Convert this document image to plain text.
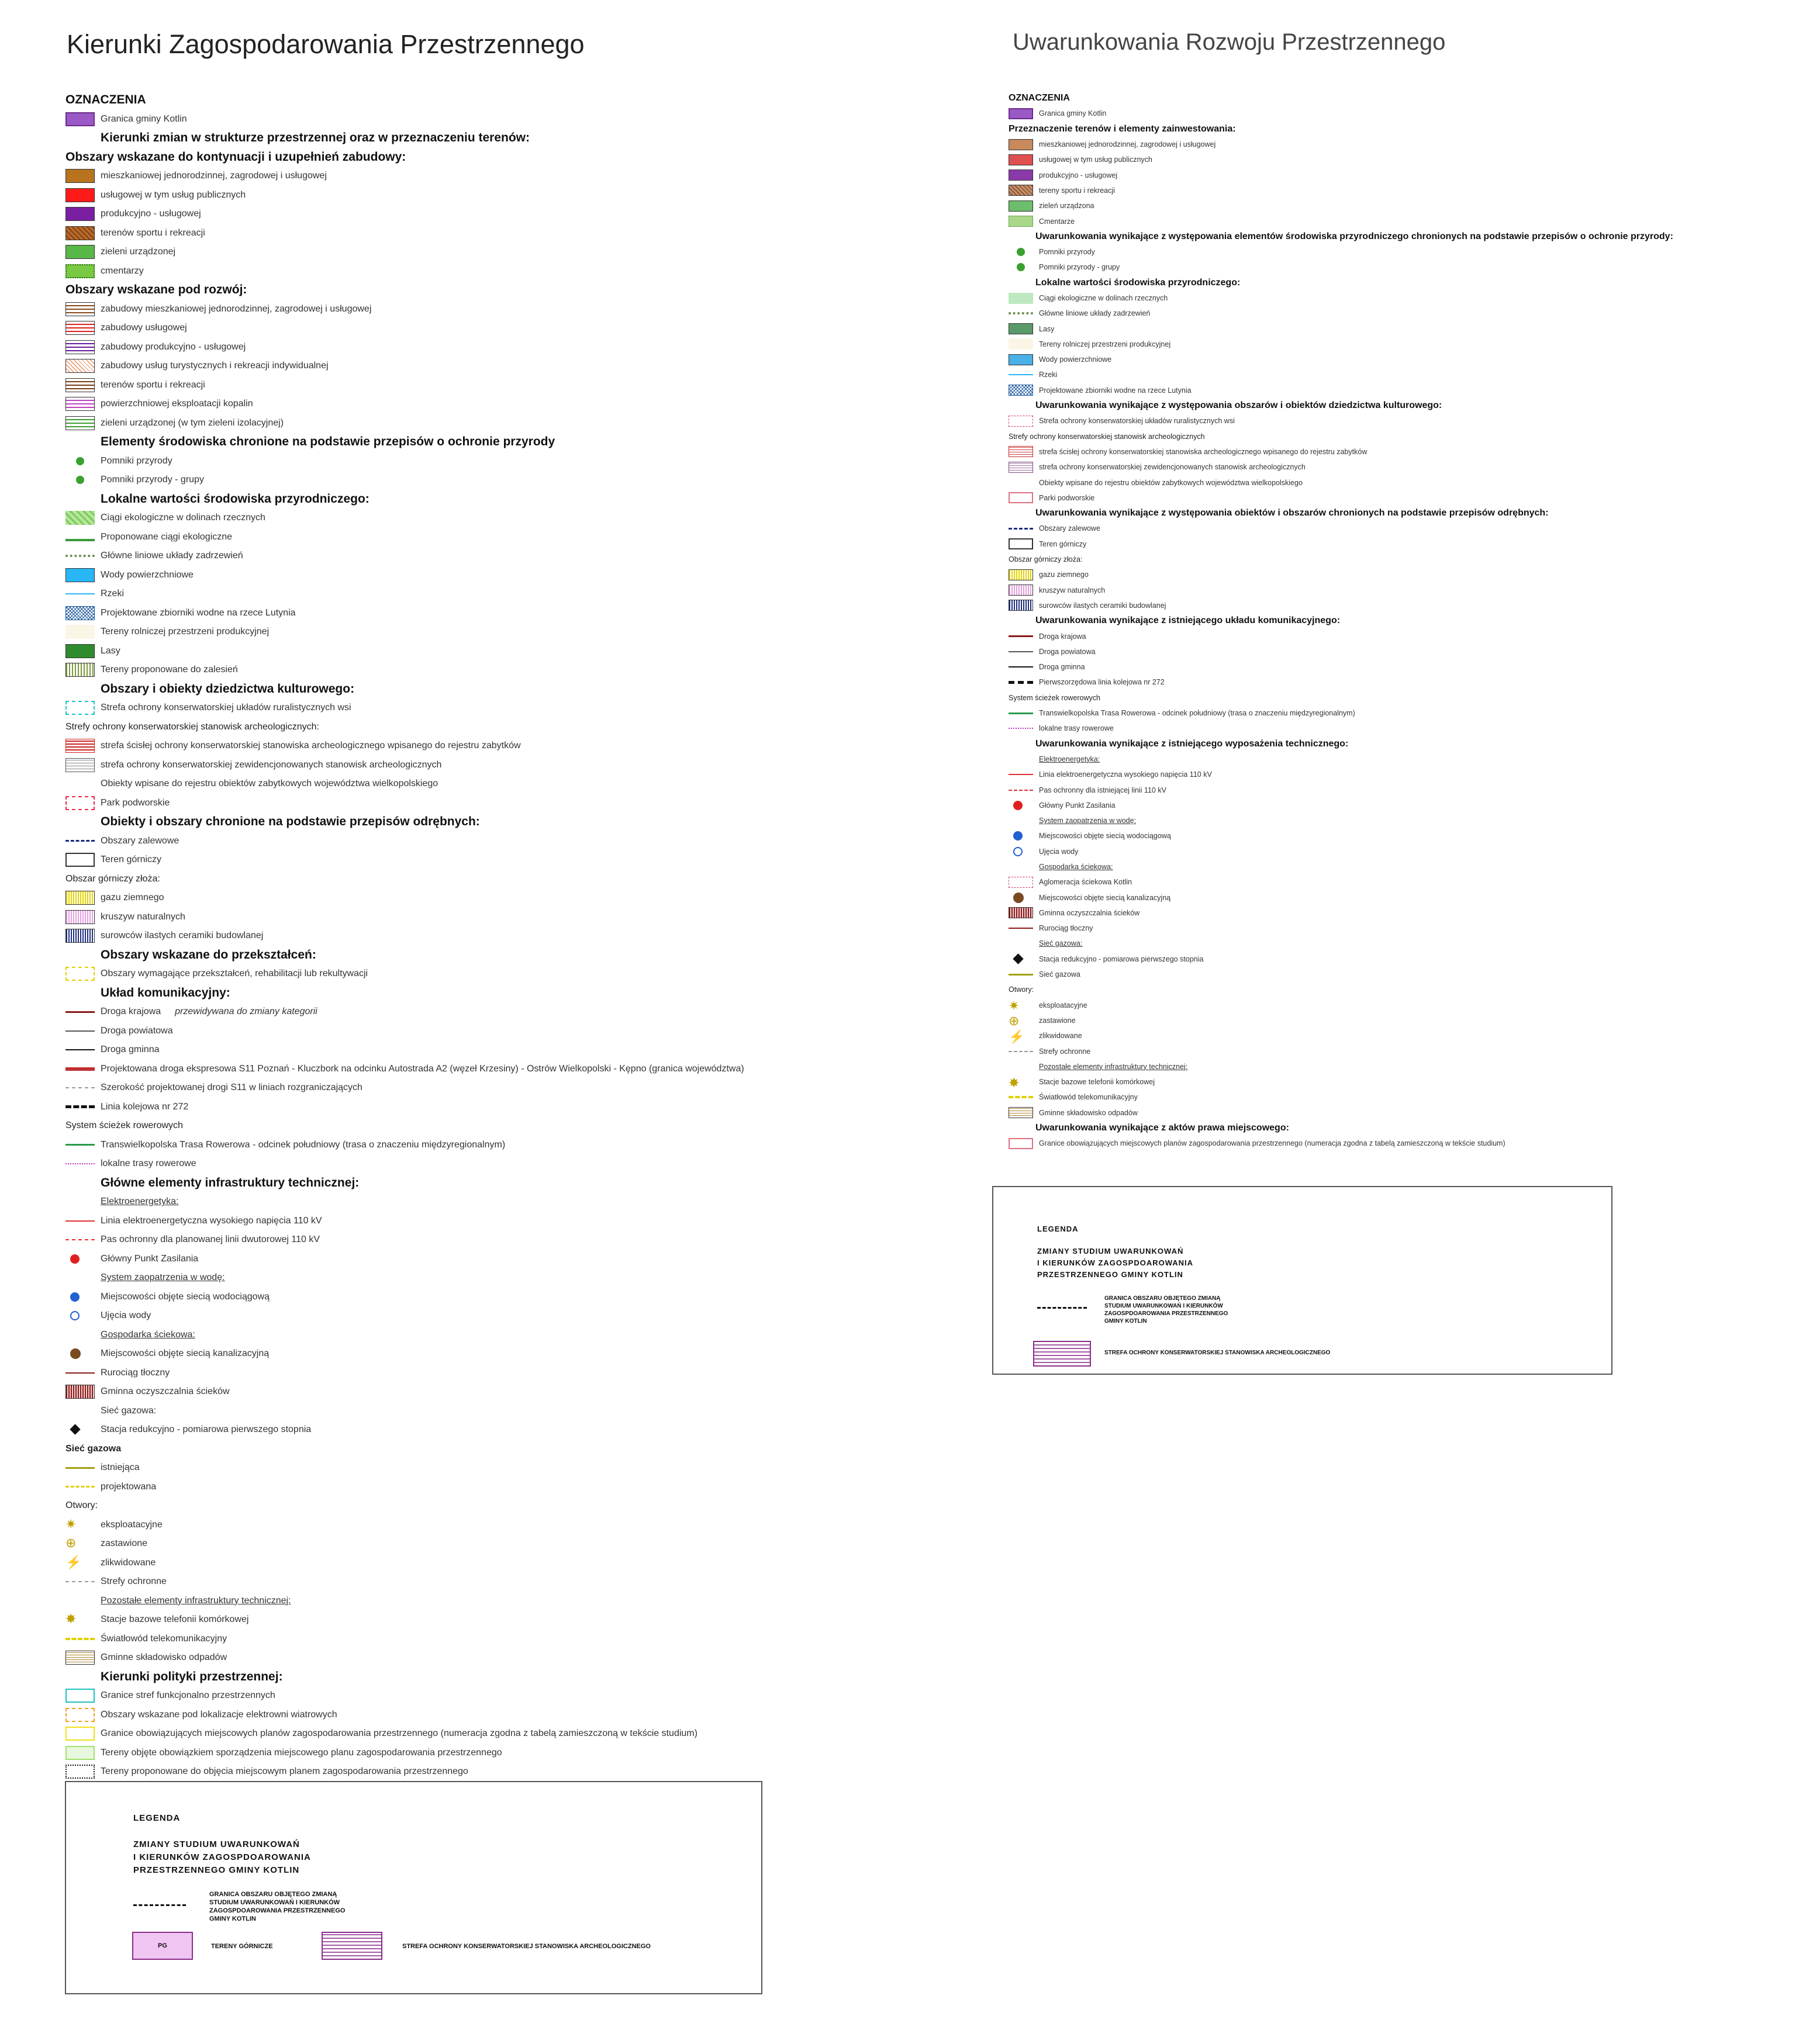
Kierunki Zagospodarowania Przestrzennego
OZNACZENIA
Granica gminy Kotlin
Kierunki zmian w strukturze przestrzennej oraz w przeznaczeniu terenów:
Obszary wskazane do kontynuacji i uzupełnień zabudowy:
mieszkaniowej jednorodzinnej, zagrodowej i usługowej
usługowej w tym usług publicznych
produkcyjno - usługowej
terenów sportu i rekreacji
zieleni urządzonej
cmentarzy
Obszary wskazane pod rozwój:
zabudowy mieszkaniowej jednorodzinnej, zagrodowej i usługowej
zabudowy usługowej
zabudowy produkcyjno - usługowej
zabudowy usług turystycznych i rekreacji indywidualnej
terenów sportu i rekreacji
powierzchniowej eksploatacji kopalin
zieleni urządzonej (w tym zieleni izolacyjnej)
Elementy środowiska chronione na podstawie przepisów o ochronie przyrody
Pomniki przyrody
Pomniki przyrody - grupy
Lokalne wartości środowiska przyrodniczego:
Ciągi ekologiczne w dolinach rzecznych
Proponowane ciągi ekologiczne
Główne liniowe układy zadrzewień
Wody powierzchniowe
Rzeki
Projektowane zbiorniki wodne na rzece Lutynia
Tereny rolniczej przestrzeni produkcyjnej
Lasy
Tereny proponowane do zalesień
Obszary i obiekty dziedzictwa kulturowego:
Strefa ochrony konserwatorskiej układów ruralistycznych wsi
Strefy ochrony konserwatorskiej stanowisk archeologicznych:
strefa ścisłej ochrony konserwatorskiej stanowiska archeologicznego wpisanego do rejestru zabytków
strefa ochrony konserwatorskiej zewidencjonowanych stanowisk archeologicznych
Obiekty wpisane do rejestru obiektów zabytkowych województwa wielkopolskiego
Park podworskie
Obiekty i obszary chronione na podstawie przepisów odrębnych:
Obszary zalewowe
Teren górniczy
Obszar górniczy złoża:
gazu ziemnego
kruszyw naturalnych
surowców ilastych ceramiki budowlanej
Obszary wskazane do przekształceń:
Obszary wymagające przekształceń, rehabilitacji lub rekultywacji
Układ komunikacyjny:
Droga krajowa przewidywana do zmiany kategorii
Droga powiatowa
Droga gminna
Projektowana droga ekspresowa S11 Poznań - Kluczbork na odcinku Autostrada A2 (węzeł Krzesiny) - Ostrów Wielkopolski - Kępno (granica województwa)
Szerokość projektowanej drogi S11 w liniach rozgraniczających
Linia kolejowa nr 272
System ścieżek rowerowych
Transwielkopolska Trasa Rowerowa - odcinek południowy (trasa o znaczeniu międzyregionalnym)
lokalne trasy rowerowe
Główne elementy infrastruktury technicznej:
Elektroenergetyka:
Linia elektroenergetyczna wysokiego napięcia 110 kV
Pas ochronny dla planowanej linii dwutorowej 110 kV
Główny Punkt Zasilania
System zaopatrzenia w wodę:
Miejscowości objęte siecią wodociągową
Ujęcia wody
Gospodarka ściekowa:
Miejscowości objęte siecią kanalizacyjną
Rurociąg tłoczny
Gminna oczyszczalnia ścieków
Sieć gazowa:
Stacja redukcyjno - pomiarowa pierwszego stopnia
Sieć gazowa
istniejąca
projektowana
Otwory:
✷	eksploatacyjne
⊕	zastawione
⚡	zlikwidowane
Strefy ochronne
Pozostałe elementy infrastruktury technicznej:
✸	Stacje bazowe telefonii komórkowej
Światłowód telekomunikacyjny
Gminne składowisko odpadów
Kierunki polityki przestrzennej:
Granice stref funkcjonalno przestrzennych
Obszary wskazane pod lokalizacje elektrowni wiatrowych
Granice obowiązujących miejscowych planów zagospodarowania przestrzennego (numeracja zgodna z tabelą zamieszczoną w tekście studium)
Tereny objęte obowiązkiem sporządzenia miejscowego planu zagospodarowania przestrzennego
Tereny proponowane do objęcia miejscowym planem zagospodarowania przestrzennego
Uwarunkowania Rozwoju Przestrzennego
OZNACZENIA
Granica gminy Kotlin
Przeznaczenie terenów i elementy zainwestowania:
mieszkaniowej jednorodzinnej, zagrodowej i usługowej
usługowej w tym usług publicznych
produkcyjno - usługowej
tereny sportu i rekreacji
zieleń urządzona
Cmentarze
Uwarunkowania wynikające z występowania elementów środowiska przyrodniczego chronionych na podstawie przepisów o ochronie przyrody:
Pomniki przyrody
Pomniki przyrody - grupy
Lokalne wartości środowiska przyrodniczego:
Ciągi ekologiczne w dolinach rzecznych
Główne liniowe układy zadrzewień
Lasy
Tereny rolniczej przestrzeni produkcyjnej
Wody powierzchniowe
Rzeki
Projektowane zbiorniki wodne na rzece Lutynia
Uwarunkowania wynikające z występowania obszarów i obiektów dziedzictwa kulturowego:
Strefa ochrony konserwatorskiej układów ruralistycznych wsi
Strefy ochrony konserwatorskiej stanowisk archeologicznych
strefa ścisłej ochrony konserwatorskiej stanowiska archeologicznego wpisanego do rejestru zabytków
strefa ochrony konserwatorskiej zewidencjonowanych stanowisk archeologicznych
Obiekty wpisane do rejestru obiektów zabytkowych województwa wielkopolskiego
Parki podworskie
Uwarunkowania wynikające z występowania obiektów i obszarów chronionych na podstawie przepisów odrębnych:
Obszary zalewowe
Teren górniczy
Obszar górniczy złoża:
gazu ziemnego
kruszyw naturalnych
surowców ilastych ceramiki budowlanej
Uwarunkowania wynikające z istniejącego układu komunikacyjnego:
Droga krajowa
Droga powiatowa
Droga gminna
Pierwszorzędowa linia kolejowa nr 272
System ścieżek rowerowych
Transwielkopolska Trasa Rowerowa - odcinek południowy (trasa o znaczeniu międzyregionalnym)
lokalne trasy rowerowe
Uwarunkowania wynikające z istniejącego wyposażenia technicznego:
Elektroenergetyka:
Linia elektroenergetyczna wysokiego napięcia 110 kV
Pas ochronny dla istniejącej linii 110 kV
Główny Punkt Zasilania
System zaopatrzenia w wodę:
Miejscowości objęte siecią wodociągową
Ujęcia wody
Gospodarka ściekowa:
Aglomeracja ściekowa Kotlin
Miejscowości objęte siecią kanalizacyjną
Gminna oczyszczalnia ścieków
Rurociąg tłoczny
Sieć gazowa:
Stacja redukcyjno - pomiarowa pierwszego stopnia
Sieć gazowa
Otwory:
✷	eksploatacyjne
⊕	zastawione
⚡	zlikwidowane
Strefy ochronne
Pozostałe elementy infrastruktury technicznej:
✸	Stacje bazowe telefonii komórkowej
Światłowód telekomunikacyjny
Gminne składowisko odpadów
Uwarunkowania wynikające z aktów prawa miejscowego:
Granice obowiązujących miejscowych planów zagospodarowania przestrzennego (numeracja zgodna z tabelą zamieszczoną w tekście studium)
LEGENDA
ZMIANY STUDIUM UWARUNKOWAŃ
I KIERUNKÓW ZAGOSPDOAROWANIA
PRZESTRZENNEGO GMINY KOTLIN
GRANICA OBSZARU OBJĘTEGO ZMIANĄ
STUDIUM UWARUNKOWAŃ I KIERUNKÓW
ZAGOSPDOAROWANIA PRZESTRZENNEGO
GMINY KOTLIN
PG	TERENY GÓRNICZE	STREFA OCHRONY KONSERWATORSKIEJ STANOWISKA ARCHEOLOGICZNEGO
LEGENDA
ZMIANY STUDIUM UWARUNKOWAŃ
I KIERUNKÓW ZAGOSPDOAROWANIA
PRZESTRZENNEGO GMINY KOTLIN
GRANICA OBSZARU OBJĘTEGO ZMIANĄ
STUDIUM UWARUNKOWAŃ I KIERUNKÓW
ZAGOSPDOAROWANIA PRZESTRZENNEGO
GMINY KOTLIN
STREFA OCHRONY KONSERWATORSKIEJ STANOWISKA ARCHEOLOGICZNEGO
